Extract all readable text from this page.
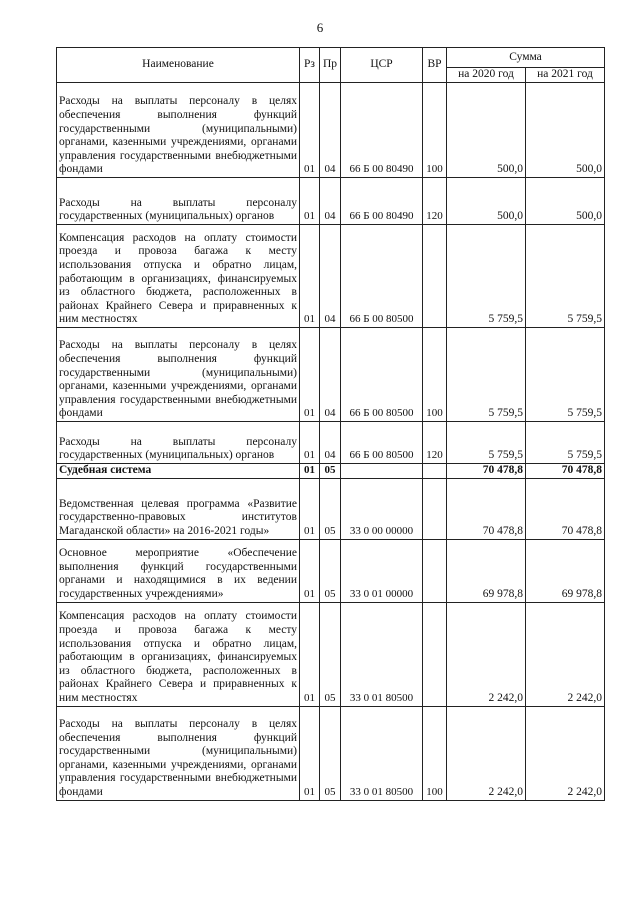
6
Наименование	Рз	Пр	ЦСР	ВР	Сумма	
					на 2020 год	на 2021 год
Расходы на выплаты персоналу в целях обеспечения выполнения функций государственными (муниципальными) органами, казенными учреждениями, органами управления государственными внебюджетными фондами	01	04	66 Б 00 80490	100	500,0	500,0
Расходы на выплаты персоналу государственных (муниципальных) органов	01	04	66 Б 00 80490	120	500,0	500,0
Компенсация расходов на оплату стоимости проезда и провоза багажа к месту использования отпуска и обратно лицам, работающим в организациях, финансируемых из областного бюджета, расположенных в районах Крайнего Севера и приравненных к ним местностях	01	04	66 Б 00 80500		5 759,5	5 759,5
Расходы на выплаты персоналу в целях обеспечения выполнения функций государственными (муниципальными) органами, казенными учреждениями, органами управления государственными внебюджетными фондами	01	04	66 Б 00 80500	100	5 759,5	5 759,5
Расходы на выплаты персоналу государственных (муниципальных) органов	01	04	66 Б 00 80500	120	5 759,5	5 759,5
Судебная система	01	05			70 478,8	70 478,8
Ведомственная целевая программа «Развитие государственно-правовых институтов Магаданской области» на 2016-2021 годы»	01	05	33 0 00 00000		70 478,8	70 478,8
Основное мероприятие «Обеспечение выполнения функций государственными органами и находящимися в их ведении государственных учреждениями»	01	05	33 0 01 00000		69 978,8	69 978,8
Компенсация расходов на оплату стоимости проезда и провоза багажа к месту использования отпуска и обратно лицам, работающим в организациях, финансируемых из областного бюджета, расположенных в районах Крайнего Севера и приравненных к ним местностях	01	05	33 0 01 80500		2 242,0	2 242,0
Расходы на выплаты персоналу в целях обеспечения выполнения функций государственными (муниципальными) органами, казенными учреждениями, органами управления государственными внебюджетными фондами	01	05	33 0 01 80500	100	2 242,0	2 242,0
